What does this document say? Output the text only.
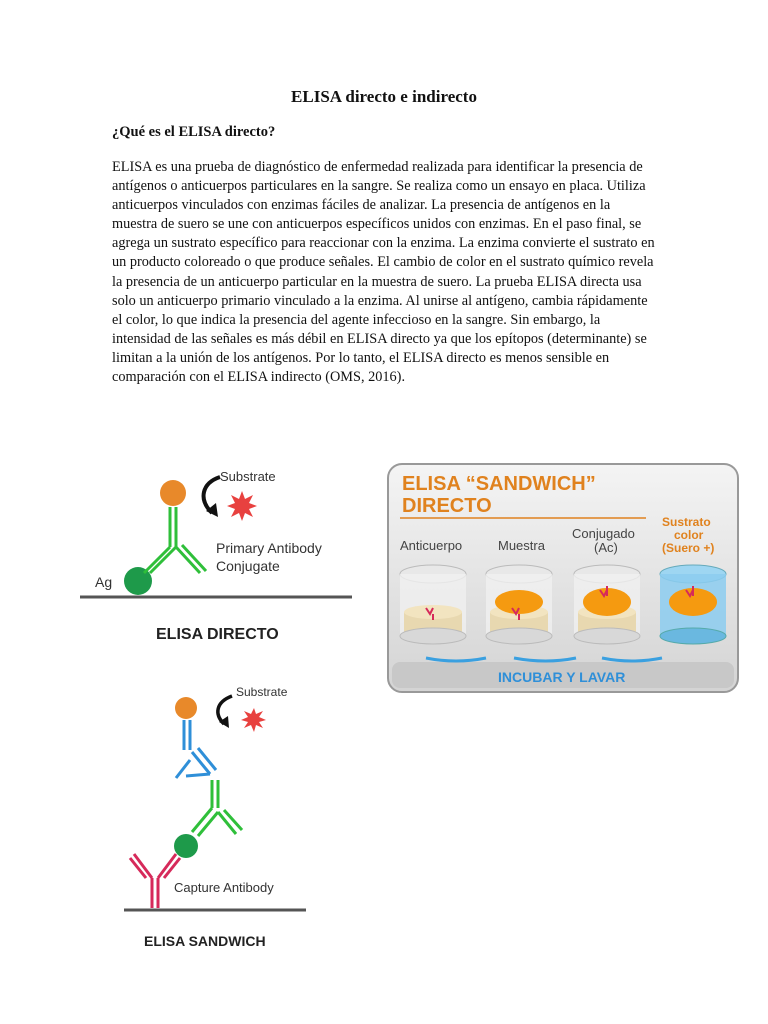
ELISA directo e indirecto
¿Qué es el ELISA directo?
ELISA es una prueba de diagnóstico de enfermedad realizada para identificar la presencia de antígenos o anticuerpos particulares en la sangre. Se realiza como un ensayo en placa. Utiliza anticuerpos vinculados con enzimas fáciles de analizar. La presencia de antígenos en la muestra de suero se une con anticuerpos específicos unidos con enzimas. En el paso final, se agrega un sustrato específico para reaccionar con la enzima. La enzima convierte el sustrato en un producto coloreado o que produce señales. El cambio de color en el sustrato químico revela la presencia de un anticuerpo particular en la muestra de suero. La prueba ELISA directa usa solo un anticuerpo primario vinculado a la enzima. Al unirse al antígeno, cambia rápidamente el color, lo que indica la presencia del agente infeccioso en la sangre. Sin embargo, la intensidad de las señales es más débil en ELISA directo ya que los epítopos (determinante) se limitan a la unión de los antígenos. Por lo tanto, el ELISA directo es menos sensible en comparación con el ELISA indirecto (OMS, 2016).
Substrate
Primary Antibody
Conjugate
Ag
ELISA DIRECTO
ELISA “SANDWICH”
DIRECTO
Anticuerpo	Muestra
Conjugado
(Ac)
Sustrato
color
(Suero +)
INCUBAR Y LAVAR
Substrate
Capture Antibody
ELISA SANDWICH
